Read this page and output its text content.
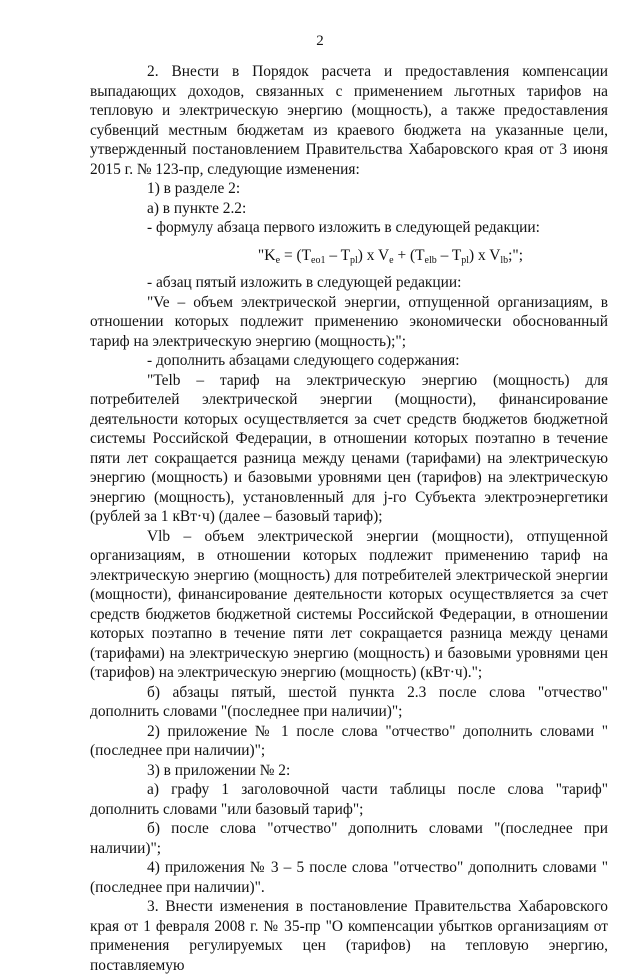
2

2. Внести в Порядок расчета и предоставления компенсации выпадающих доходов, связанных с применением льготных тарифов на тепловую и электрическую энергию (мощность), а также предоставления субвенций местным бюджетам из краевого бюджета на указанные цели, утвержденный постановлением Правительства Хабаровского края от 3 июня 2015 г. № 123-пр, следующие изменения:

1) в разделе 2:

а) в пункте 2.2:

- формулу абзаца первого изложить в следующей редакции:

"$K_e = (T_{eo1} - T_{pl})$ x $V_e + (T_{elb} - T_{pl})$ x $V_{lb}$;";

- абзац пятый изложить в следующей редакции:

"Ve – объем электрической энергии, отпущенной организациям, в отношении которых подлежит применению экономически обоснованный тариф на электрическую энергию (мощность);";

- дополнить абзацами следующего содержания:

"Telb – тариф на электрическую энергию (мощность) для потребителей электрической энергии (мощности), финансирование деятельности которых осуществляется за счет средств бюджетов бюджетной системы Российской Федерации, в отношении которых поэтапно в течение пяти лет сокращается разница между ценами (тарифами) на электрическую энергию (мощность) и базовыми уровнями цен (тарифов) на электрическую энергию (мощность), установленный для j-го Субъекта электроэнергетики (рублей за 1 кВт·ч) (далее – базовый тариф);

Vlb – объем электрической энергии (мощности), отпущенной организациям, в отношении которых подлежит применению тариф на электрическую энергию (мощность) для потребителей электрической энергии (мощности), финансирование деятельности которых осуществляется за счет средств бюджетов бюджетной системы Российской Федерации, в отношении которых поэтапно в течение пяти лет сокращается разница между ценами (тарифами) на электрическую энергию (мощность) и базовыми уровнями цен (тарифов) на электрическую энергию (мощность) (кВт·ч).";

б) абзацы пятый, шестой пункта 2.3 после слова "отчество" дополнить словами "(последнее при наличии)";

2) приложение № 1 после слова "отчество" дополнить словами "(последнее при наличии)";

3) в приложении № 2:

а) графу 1 заголовочной части таблицы после слова "тариф" дополнить словами "или базовый тариф";

б) после слова "отчество" дополнить словами "(последнее при наличии)";

4) приложения № 3 – 5 после слова "отчество" дополнить словами "(последнее при наличии)".

3. Внести изменения в постановление Правительства Хабаровского края от 1 февраля 2008 г. № 35-пр "О компенсации убытков организациям от применения регулируемых цен (тарифов) на тепловую энергию, поставляемую
